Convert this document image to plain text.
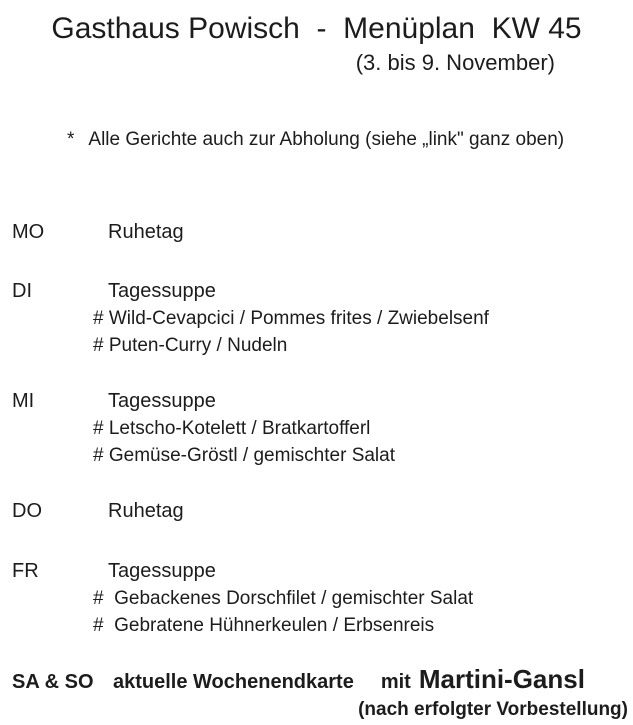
Gasthaus Powisch  -  Menüplan  KW 45
(3. bis 9. November)
* Alle Gerichte auch zur Abholung (siehe „link" ganz oben)
MO	Ruhetag
DI	Tagessuppe
# Wild-Cevapcici / Pommes frites / Zwiebelsenf
# Puten-Curry / Nudeln
MI	Tagessuppe
# Letscho-Kotelett / Bratkartofferl
# Gemüse-Gröstl / gemischter Salat
DO	Ruhetag
FR	Tagessuppe
#  Gebackenes Dorschfilet / gemischter Salat
#  Gebratene Hühnerkeulen / Erbsenreis
SA & SO aktuelle Wochenendkarte mit Martini-Gansl
(nach erfolgter Vorbestellung)
